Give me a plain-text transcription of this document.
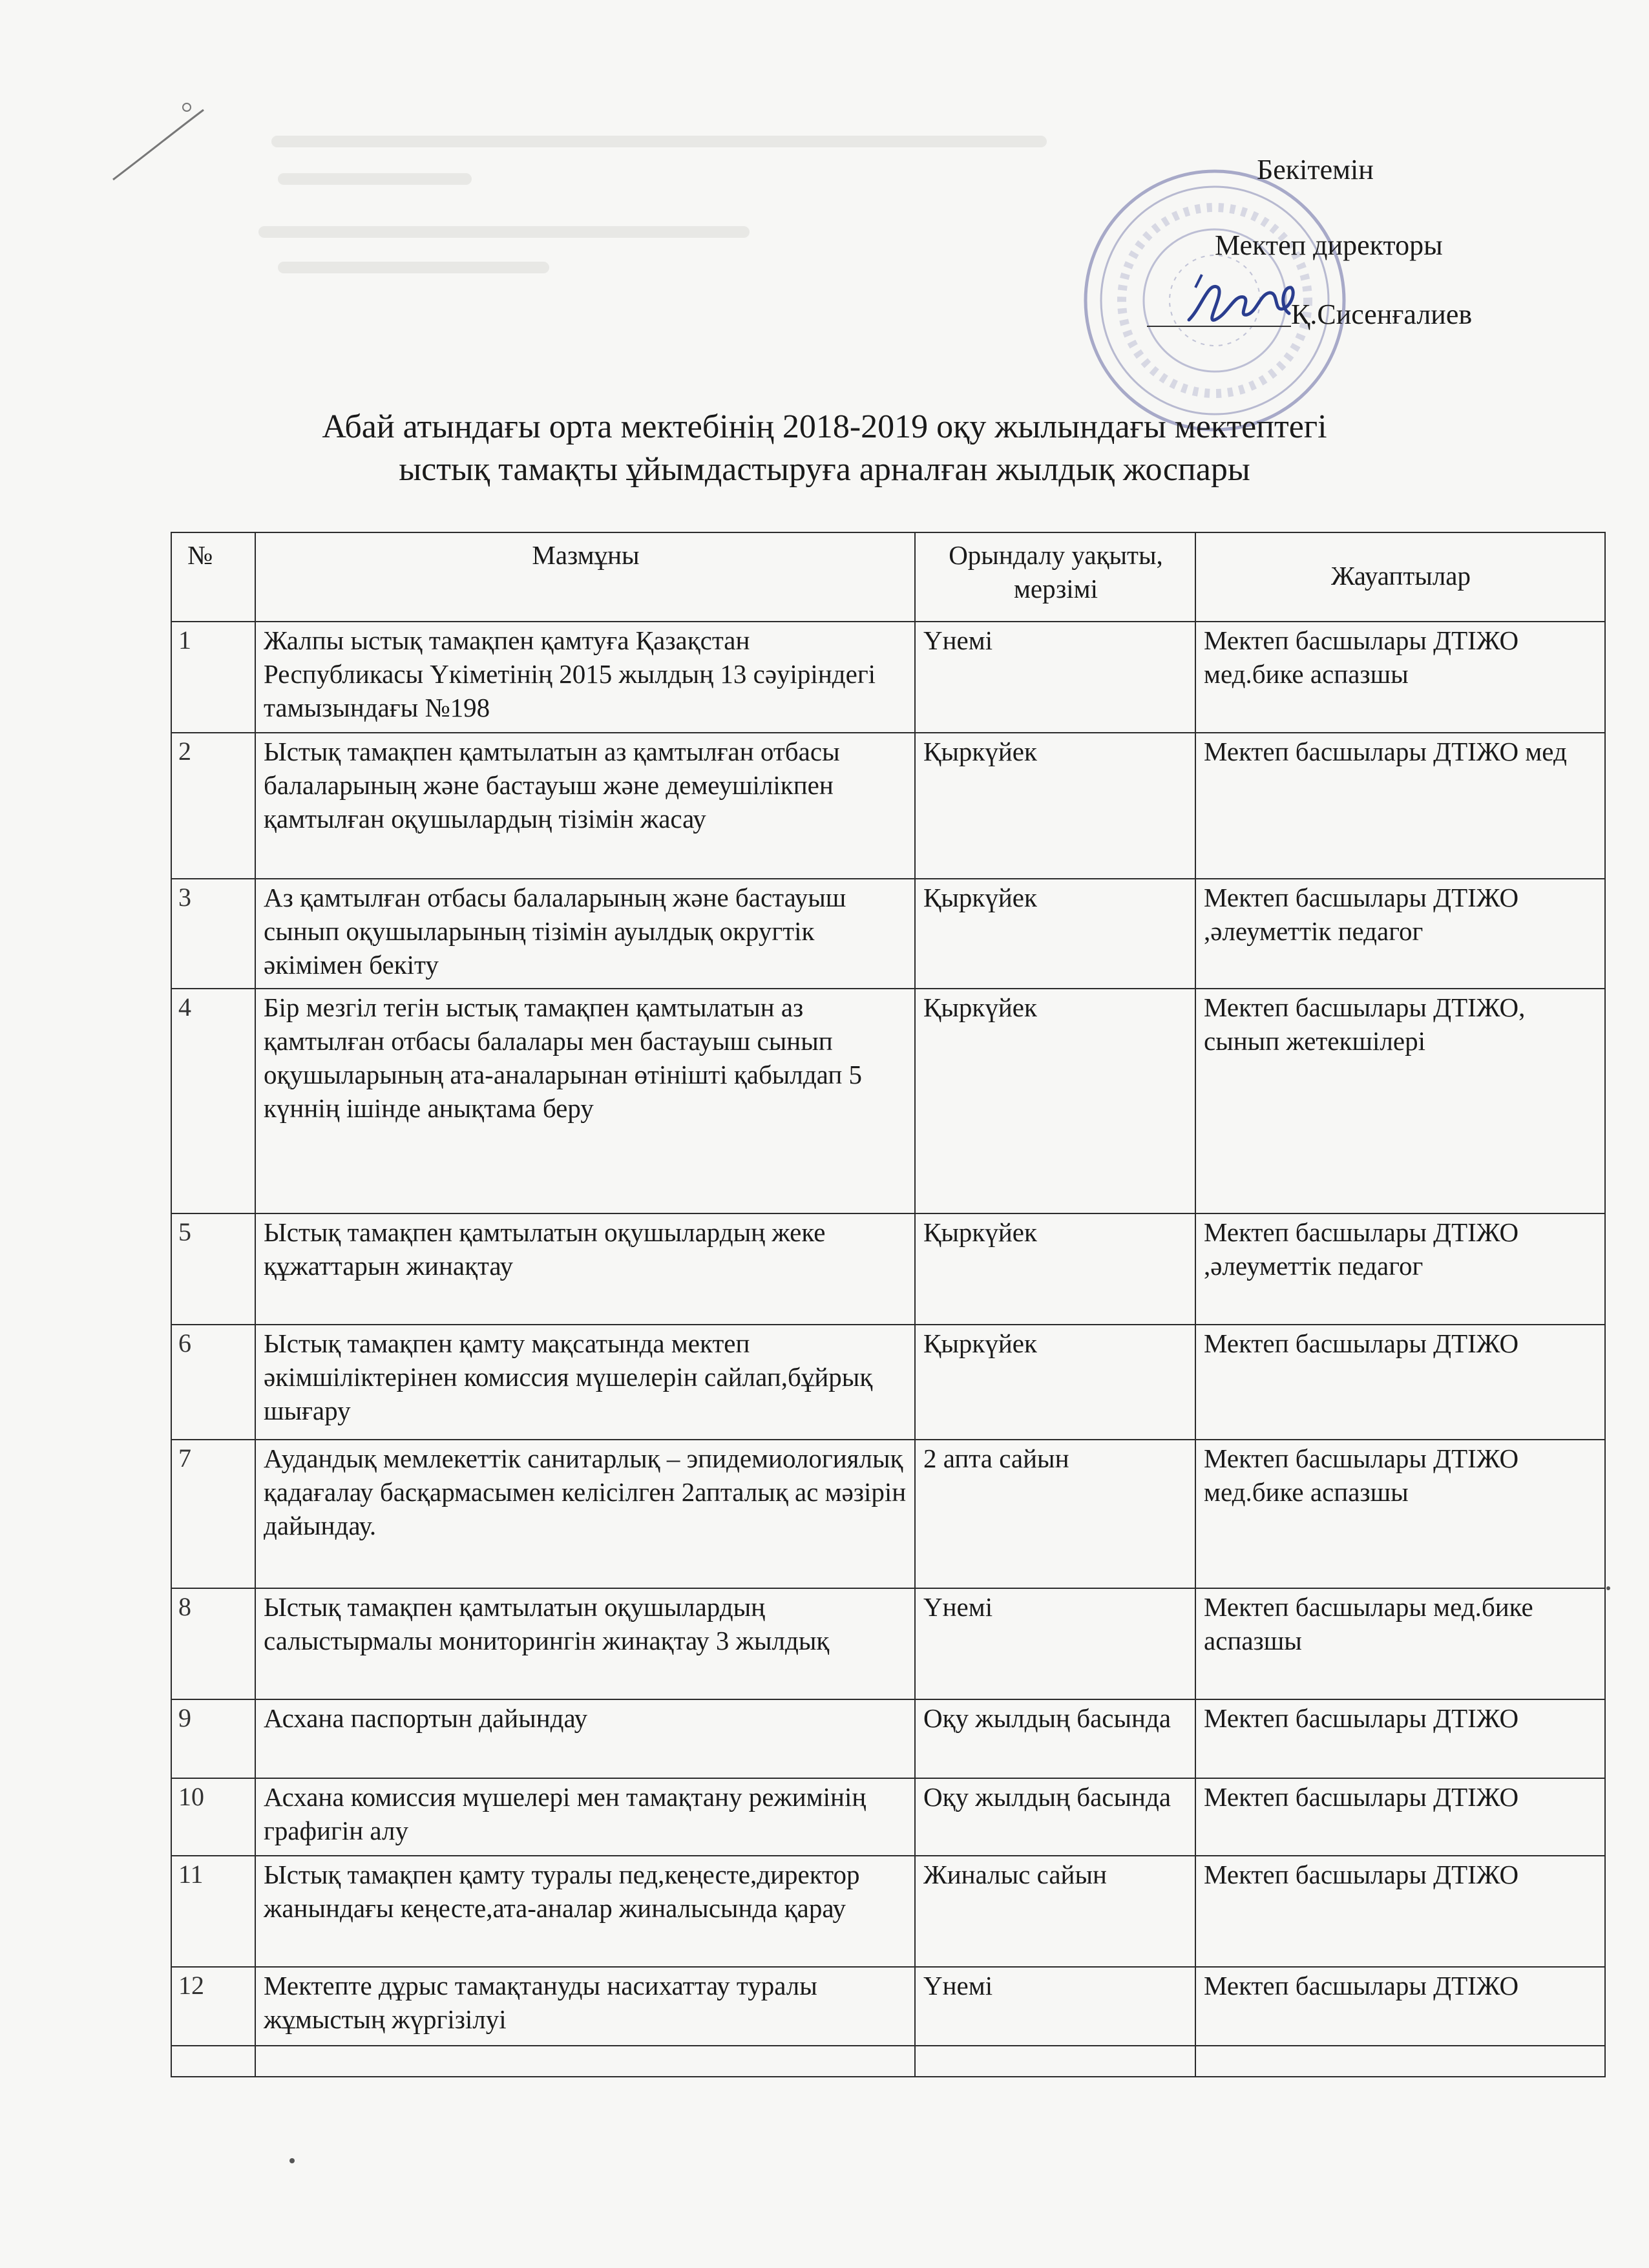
Бекітемін
Мектеп директоры
Қ.Сисенғалиев
Абай атындағы орта мектебінің 2018-2019 оқу жылындағы мектептегі
ыстық тамақты ұйымдастыруға арналған жылдық жоспары
№	Мазмұны	Орындалу уақыты, мерзімі	Жауаптылар
1	Жалпы ыстық тамақпен қамтуға Қазақстан Республикасы Үкіметінің 2015 жылдың 13 сәуіріндегі тамызындағы №198	Үнемі	Мектеп басшылары ДТІЖО мед.бике аспазшы
2	Ыстық тамақпен қамтылатын аз қамтылған отбасы балаларының және бастауыш және демеушілікпен қамтылған оқушылардың тізімін жасау	Қыркүйек	Мектеп басшылары ДТІЖО мед
3	Аз қамтылған отбасы балаларының және бастауыш сынып оқушыларының тізімін ауылдық округтік әкімімен бекіту	Қыркүйек	Мектеп басшылары ДТІЖО ,әлеуметтік педагог
4	Бір мезгіл тегін ыстық тамақпен қамтылатын аз қамтылған отбасы балалары мен бастауыш сынып оқушыларының ата-аналарынан өтінішті қабылдап 5 күннің ішінде анықтама беру	Қыркүйек	Мектеп басшылары ДТІЖО, сынып жетекшілері
5	Ыстық тамақпен қамтылатын оқушылардың жеке құжаттарын жинақтау	Қыркүйек	Мектеп басшылары ДТІЖО ,әлеуметтік педагог
6	Ыстық тамақпен қамту мақсатында мектеп әкімшіліктерінен комиссия мүшелерін сайлап,бұйрық шығару	Қыркүйек	Мектеп басшылары ДТІЖО
7	Аудандық мемлекеттік санитарлық – эпидемиологиялық қадағалау басқармасымен келісілген 2апталық ас мәзірін дайындау.	2 апта сайын	Мектеп басшылары ДТІЖО мед.бике аспазшы
8	Ыстық тамақпен қамтылатын оқушылардың салыстырмалы мониторингін жинақтау 3 жылдық	Үнемі	Мектеп басшылары мед.бике аспазшы
9	Асхана паспортын дайындау	Оқу жылдың басында	Мектеп басшылары ДТІЖО
10	Асхана комиссия мүшелері мен тамақтану режимінің графигін алу	Оқу жылдың басында	Мектеп басшылары ДТІЖО
11	Ыстық тамақпен қамту туралы пед,кеңесте,директор жанындағы кеңесте,ата-аналар жиналысында қарау	Жиналыс сайын	Мектеп басшылары ДТІЖО
12	Мектепте дұрыс тамақтануды насихаттау туралы жұмыстың жүргізілуі	Үнемі	Мектеп басшылары ДТІЖО
